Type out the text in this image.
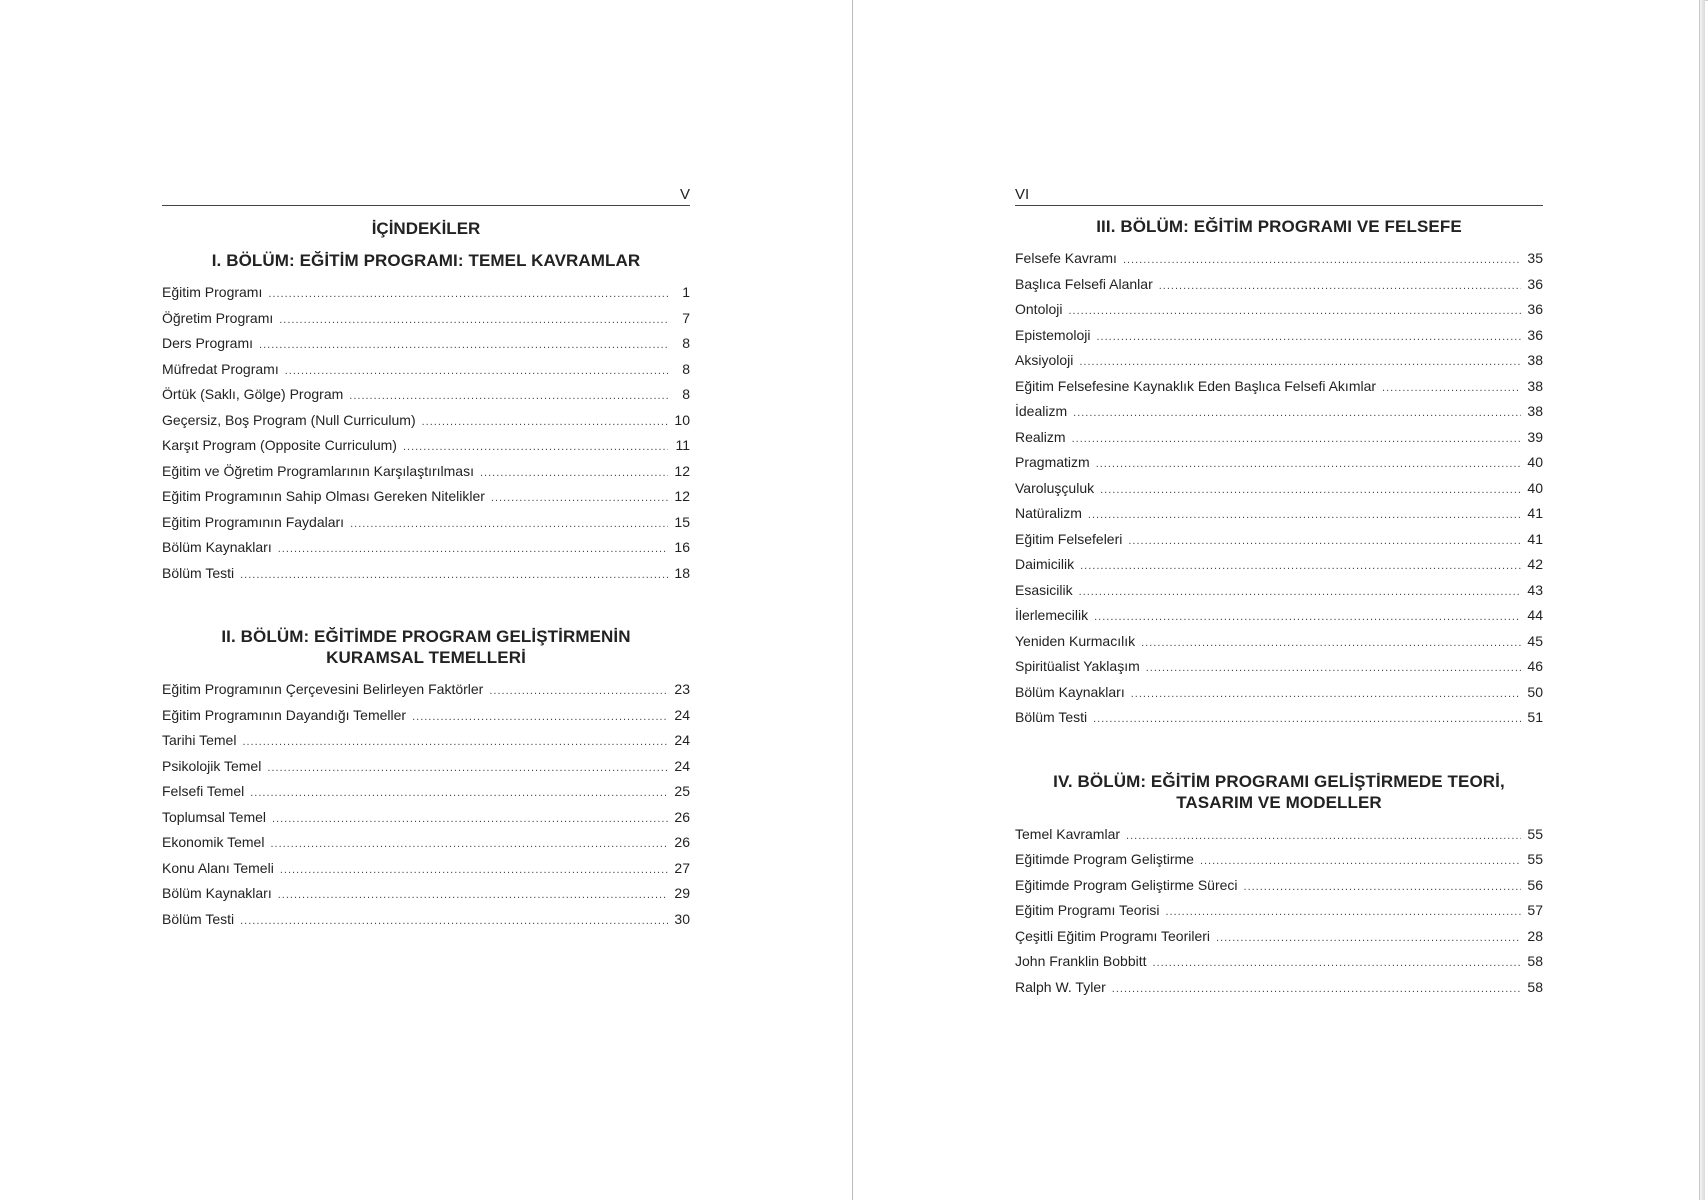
V
İÇİNDEKİLER
I. BÖLÜM: EĞİTİM PROGRAMI: TEMEL KAVRAMLAR
Eğitim Programı .....	1
Öğretim Programı .....	7
Ders Programı .....	8
Müfredat Programı .....	8
Örtük (Saklı, Gölge) Program .....	8
Geçersiz, Boş Program (Null Curriculum) .....	10
Karşıt Program (Opposite Curriculum) .....	11
Eğitim ve Öğretim Programlarının Karşılaştırılması .....	12
Eğitim Programının Sahip Olması Gereken Nitelikler .....	12
Eğitim Programının Faydaları .....	15
Bölüm Kaynakları .....	16
Bölüm Testi .....	18
II. BÖLÜM: EĞİTİMDE PROGRAM GELİŞTİRMENİN
KURAMSAL TEMELLERİ
Eğitim Programının Çerçevesini Belirleyen Faktörler .....	23
Eğitim Programının Dayandığı Temeller .....	24
Tarihi Temel .....	24
Psikolojik Temel .....	24
Felsefi Temel .....	25
Toplumsal Temel .....	26
Ekonomik Temel .....	26
Konu Alanı Temeli .....	27
Bölüm Kaynakları .....	29
Bölüm Testi .....	30
VI
III. BÖLÜM: EĞİTİM PROGRAMI VE FELSEFE
Felsefe Kavramı .....	35
Başlıca Felsefi Alanlar .....	36
Ontoloji .....	36
Epistemoloji .....	36
Aksiyoloji .....	38
Eğitim Felsefesine Kaynaklık Eden Başlıca Felsefi Akımlar .....	38
İdealizm .....	38
Realizm .....	39
Pragmatizm .....	40
Varoluşçuluk .....	40
Natüralizm .....	41
Eğitim Felsefeleri .....	41
Daimicilik .....	42
Esasicilik .....	43
İlerlemecilik .....	44
Yeniden Kurmacılık .....	45
Spiritüalist Yaklaşım .....	46
Bölüm Kaynakları .....	50
Bölüm Testi .....	51
IV. BÖLÜM: EĞİTİM PROGRAMI GELİŞTİRMEDE TEORİ,
TASARIM VE MODELLER
Temel Kavramlar .....	55
Eğitimde Program Geliştirme .....	55
Eğitimde Program Geliştirme Süreci .....	56
Eğitim Programı Teorisi .....	57
Çeşitli Eğitim Programı Teorileri .....	28
John Franklin Bobbitt .....	58
Ralph W. Tyler .....	58
